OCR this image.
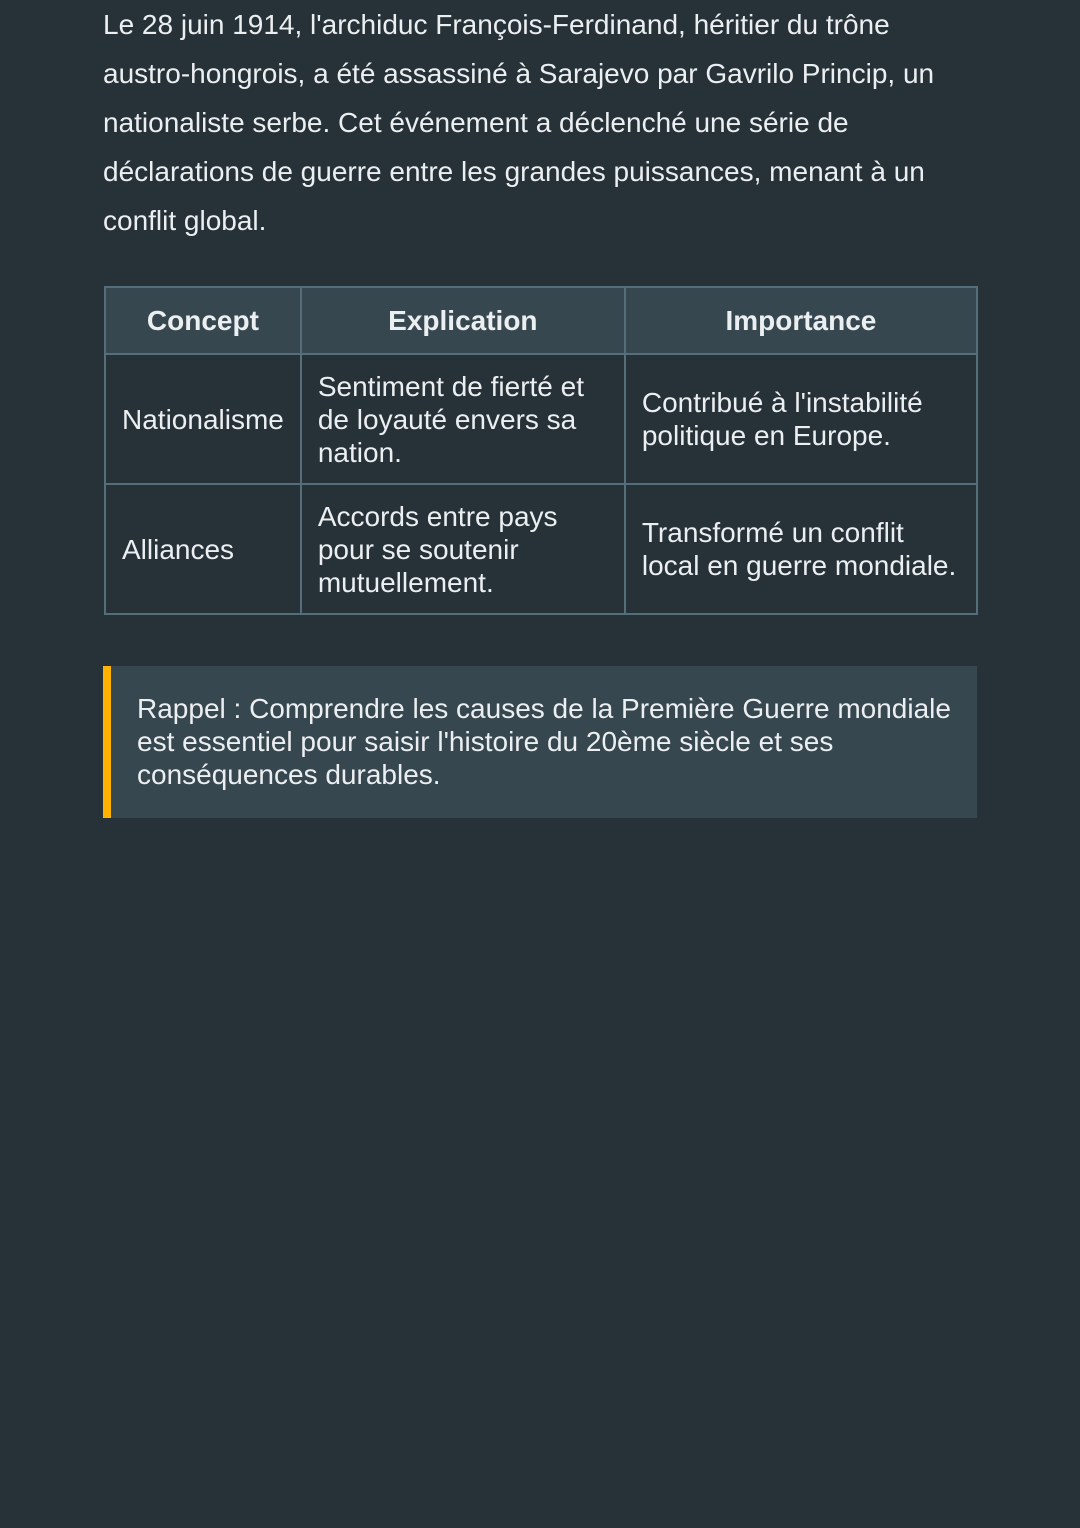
Le 28 juin 1914, l'archiduc François-Ferdinand, héritier du trône austro-hongrois, a été assassiné à Sarajevo par Gavrilo Princip, un nationaliste serbe. Cet événement a déclenché une série de déclarations de guerre entre les grandes puissances, menant à un conflit global.

Concept	Explication	Importance
Nationalisme	Sentiment de fierté et de loyauté envers sa nation.	Contribué à l'instabilité politique en Europe.
Alliances	Accords entre pays pour se soutenir mutuellement.	Transformé un conflit local en guerre mondiale.
Rappel : Comprendre les causes de la Première Guerre mondiale est essentiel pour saisir l'histoire du 20ème siècle et ses conséquences durables.
